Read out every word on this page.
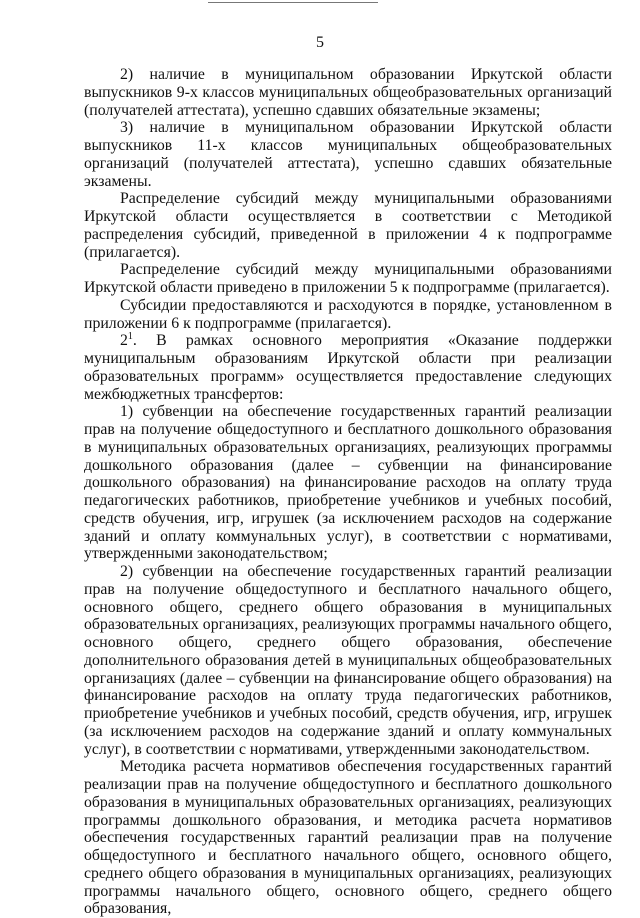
5

2) наличие в муниципальном образовании Иркутской области выпускников 9-х классов муниципальных общеобразовательных организаций (получателей аттестата), успешно сдавших обязательные экзамены;

3) наличие в муниципальном образовании Иркутской области выпускников 11-х классов муниципальных общеобразовательных организаций (получателей аттестата), успешно сдавших обязательные экзамены.

Распределение субсидий между муниципальными образованиями Иркутской области осуществляется в соответствии с Методикой распределения субсидий, приведенной в приложении 4 к подпрограмме (прилагается).

Распределение субсидий между муниципальными образованиями Иркутской области приведено в приложении 5 к подпрограмме (прилагается).

Субсидии предоставляются и расходуются в порядке, установленном в приложении 6 к подпрограмме (прилагается).

$2^1$. В рамках основного мероприятия «Оказание поддержки муниципальным образованиям Иркутской области при реализации образовательных программ» осуществляется предоставление следующих межбюджетных трансфертов:

1) субвенции на обеспечение государственных гарантий реализации прав на получение общедоступного и бесплатного дошкольного образования в муниципальных образовательных организациях, реализующих программы дошкольного образования (далее – субвенции на финансирование дошкольного образования) на финансирование расходов на оплату труда педагогических работников, приобретение учебников и учебных пособий, средств обучения, игр, игрушек (за исключением расходов на содержание зданий и оплату коммунальных услуг), в соответствии с нормативами, утвержденными законодательством;

2) субвенции на обеспечение государственных гарантий реализации прав на получение общедоступного и бесплатного начального общего, основного общего, среднего общего образования в муниципальных образовательных организациях, реализующих программы начального общего, основного общего, среднего общего образования, обеспечение дополнительного образования детей в муниципальных общеобразовательных организациях (далее – субвенции на финансирование общего образования) на финансирование расходов на оплату труда педагогических работников, приобретение учебников и учебных пособий, средств обучения, игр, игрушек (за исключением расходов на содержание зданий и оплату коммунальных услуг), в соответствии с нормативами, утвержденными законодательством.

Методика расчета нормативов обеспечения государственных гарантий реализации прав на получение общедоступного и бесплатного дошкольного образования в муниципальных образовательных организациях, реализующих программы дошкольного образования, и методика расчета нормативов обеспечения государственных гарантий реализации прав на получение общедоступного и бесплатного начального общего, основного общего, среднего общего образования в муниципальных организациях, реализующих программы начального общего, основного общего, среднего общего образования,
